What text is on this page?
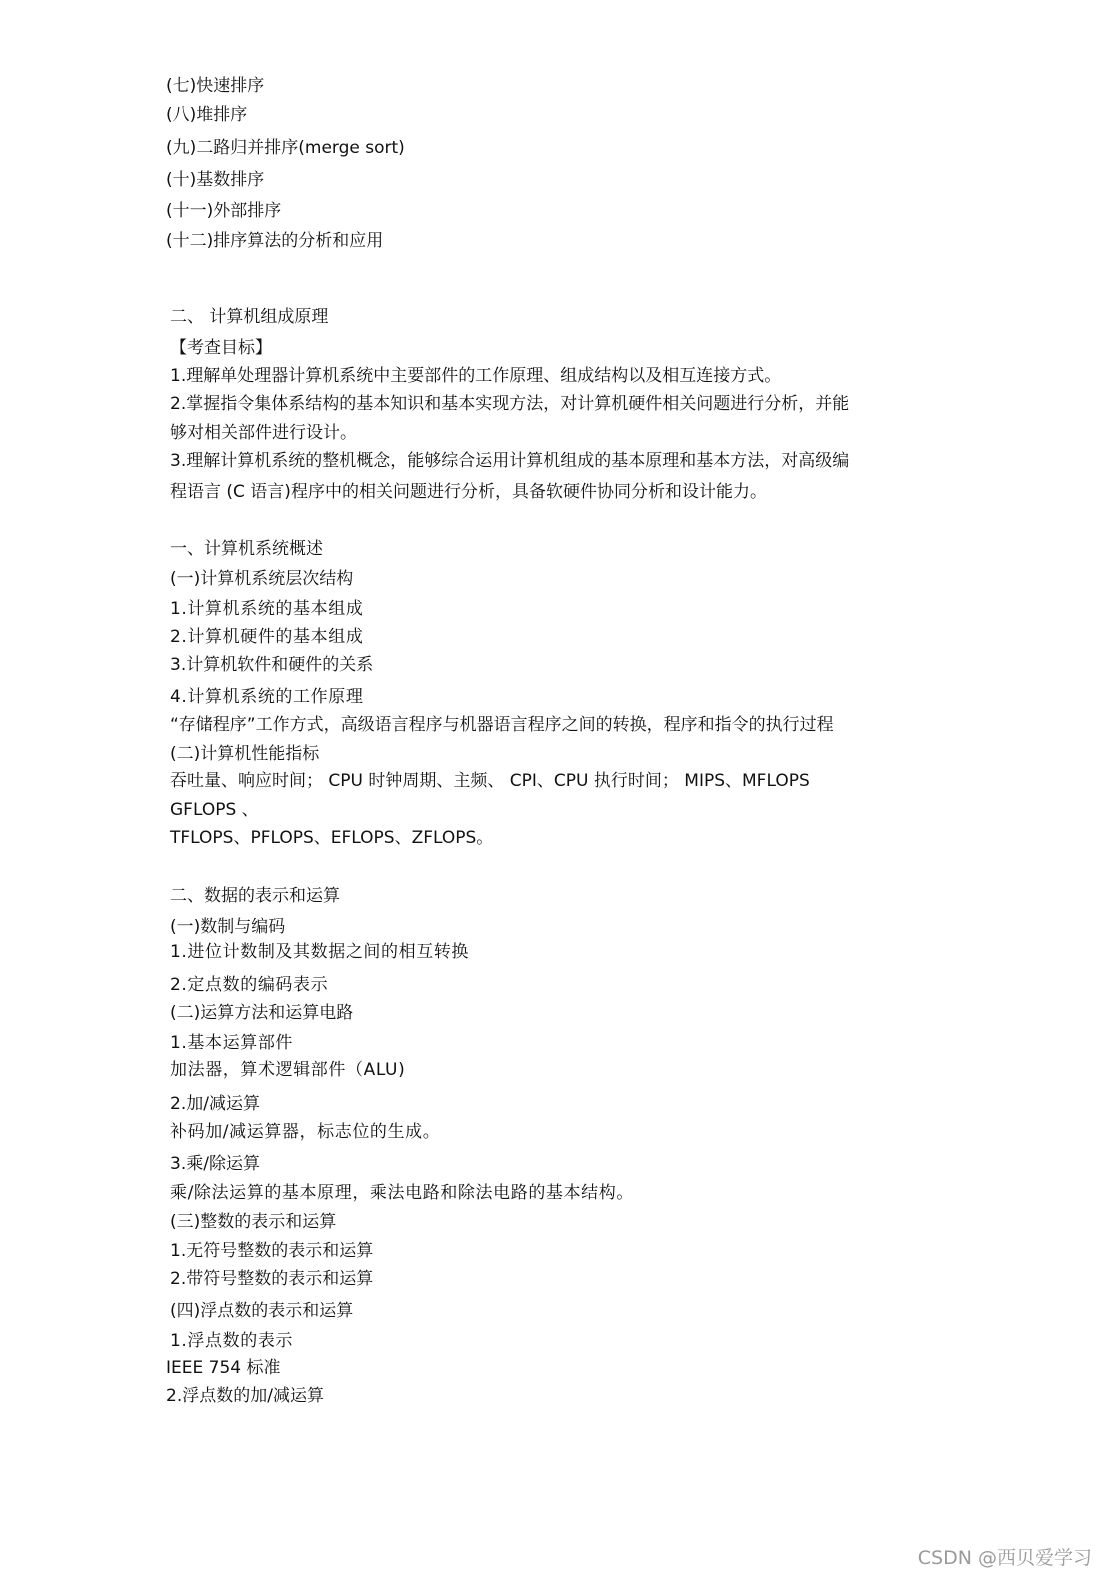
(七)快速排序
(八)堆排序
(九)二路归并排序(merge sort)
(十)基数排序
(十一)外部排序
(十二)排序算法的分析和应用
二、 计算机组成原理
【考查目标】
1.理解单处理器计算机系统中主要部件的工作原理、组成结构以及相互连接方式。
2.掌握指令集体系结构的基本知识和基本实现方法，对计算机硬件相关问题进行分析，并能
够对相关部件进行设计。
3.理解计算机系统的整机概念，能够综合运用计算机组成的基本原理和基本方法，对高级编
程语言 (C 语言)程序中的相关问题进行分析，具备软硬件协同分析和设计能力。
一、计算机系统概述
(一)计算机系统层次结构
1.计算机系统的基本组成
2.计算机硬件的基本组成
3.计算机软件和硬件的关系
4.计算机系统的工作原理
“存储程序”工作方式，高级语言程序与机器语言程序之间的转换，程序和指令的执行过程
(二)计算机性能指标
吞吐量、响应时间； CPU 时钟周期、主频、 CPI、CPU 执行时间； MIPS、MFLOPS
GFLOPS 、
TFLOPS、PFLOPS、EFLOPS、ZFLOPS。
二、数据的表示和运算
(一)数制与编码
1.进位计数制及其数据之间的相互转换
2.定点数的编码表示
(二)运算方法和运算电路
1.基本运算部件
加法器，算术逻辑部件（ALU)
2.加/减运算
补码加/减运算器，标志位的生成。
3.乘/除运算
乘/除法运算的基本原理，乘法电路和除法电路的基本结构。
(三)整数的表示和运算
1.无符号整数的表示和运算
2.带符号整数的表示和运算
(四)浮点数的表示和运算
1.浮点数的表示
IEEE 754 标准
2.浮点数的加/减运算
CSDN @西贝爱学习
